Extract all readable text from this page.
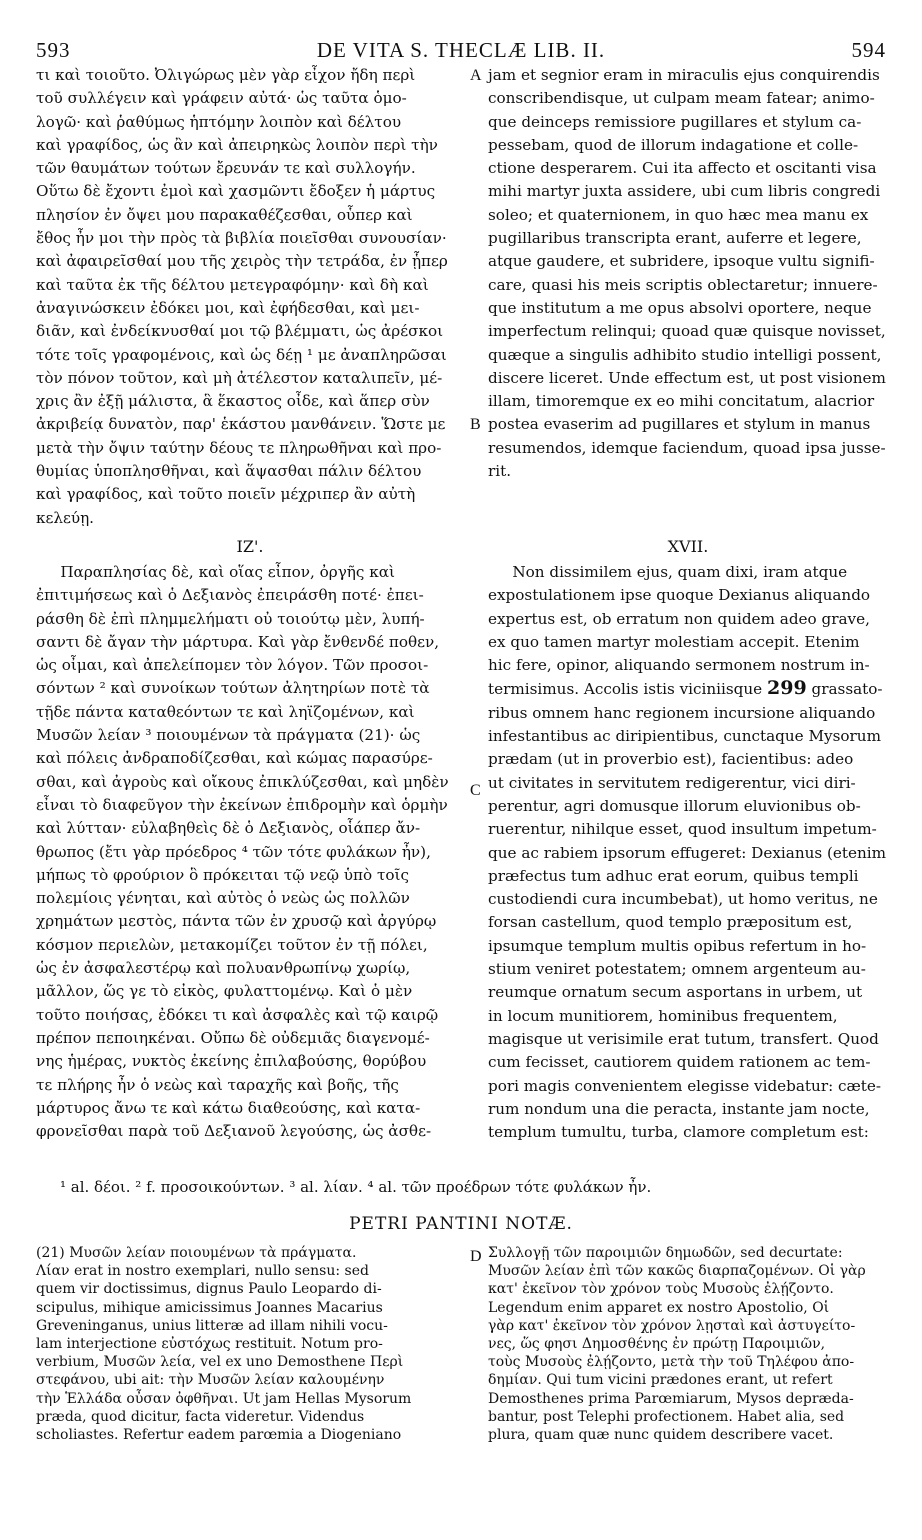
593	DE VITA S. THECLÆ LIB. II.	594
A
B
C
D

τι καὶ τοιοῦτο. Ὀλιγώρως μὲν γὰρ εἶχον ἤδη περὶ

τοῦ συλλέγειν καὶ γράφειν αὐτά· ὡς ταῦτα ὁμο-

λογῶ· καὶ ῥαθύμως ἡπτόμην λοιπὸν καὶ δέλτου

καὶ γραφίδος, ὡς ἂν καὶ ἀπειρηκὼς λοιπὸν περὶ τὴν

τῶν θαυμάτων τούτων ἔρευνάν τε καὶ συλλογήν.

Οὕτω δὲ ἔχοντι ἐμοὶ καὶ χασμῶντι ἔδοξεν ἡ μάρτυς

πλησίον ἐν ὄψει μου παρακαθέζεσθαι, οὗπερ καὶ

ἔθος ἦν μοι τὴν πρὸς τὰ βιβλία ποιεῖσθαι συνουσίαν·

καὶ ἀφαιρεῖσθαί μου τῆς χειρὸς τὴν τετράδα, ἐν ᾗπερ

καὶ ταῦτα ἐκ τῆς δέλτου μετεγραφόμην· καὶ δὴ καὶ

ἀναγινώσκειν ἐδόκει μοι, καὶ ἐφήδεσθαι, καὶ μει-

διᾶν, καὶ ἐνδείκνυσθαί μοι τῷ βλέμματι, ὡς ἀρέσκοι

τότε τοῖς γραφομένοις, καὶ ὡς δέῃ ¹ με ἀναπληρῶσαι

τὸν πόνον τοῦτον, καὶ μὴ ἀτέλεστον καταλιπεῖν, μέ-

χρις ἂν ἐξῇ μάλιστα, ἃ ἕκαστος οἶδε, καὶ ἅπερ σὺν

ἀκριβείᾳ δυνατὸν, παρ' ἑκάστου μανθάνειν. Ὥστε με

μετὰ τὴν ὄψιν ταύτην δέους τε πληρωθῆναι καὶ προ-

θυμίας ὑποπλησθῆναι, καὶ ἅψασθαι πάλιν δέλτου

καὶ γραφίδος, καὶ τοῦτο ποιεῖν μέχριπερ ἂν αὐτὴ

κελεύῃ.

jam et segnior eram in miraculis ejus conquirendis

conscribendisque, ut culpam meam fatear; animo-

que deinceps remissiore pugillares et stylum ca-

pessebam, quod de illorum indagatione et colle-

ctione desperarem. Cui ita affecto et oscitanti visa

mihi martyr juxta assidere, ubi cum libris congredi

soleo; et quaternionem, in quo hæc mea manu ex

pugillaribus transcripta erant, auferre et legere,

atque gaudere, et subridere, ipsoque vultu signifi-

care, quasi his meis scriptis oblectaretur; innuere-

que institutum a me opus absolvi oportere, neque

imperfectum relinqui; quoad quæ quisque novisset,

quæque a singulis adhibito studio intelligi possent,

discere liceret. Unde effectum est, ut post visionem

illam, timoremque ex eo mihi concitatum, alacrior

postea evaserim ad pugillares et stylum in manus

resumendos, idemque faciendum, quoad ipsa jusse-

rit.

ΙΖ'.

Παραπλησίας δὲ, καὶ οἵας εἶπον, ὀργῆς καὶ

ἐπιτιμήσεως καὶ ὁ Δεξιανὸς ἐπειράσθη ποτέ· ἐπει-

ράσθη δὲ ἐπὶ πλημμελήματι οὐ τοιούτῳ μὲν, λυπή-

σαντι δὲ ἄγαν τὴν μάρτυρα. Καὶ γὰρ ἔνθενδέ ποθεν,

ὡς οἶμαι, καὶ ἀπελείπομεν τὸν λόγον. Τῶν προσοι-

σόντων ² καὶ συνοίκων τούτων ἀλητηρίων ποτὲ τὰ

τῇδε πάντα καταθεόντων τε καὶ ληϊζομένων, καὶ

Μυσῶν λείαν ³ ποιουμένων τὰ πράγματα (21)· ὡς

καὶ πόλεις ἀνδραποδίζεσθαι, καὶ κώμας παρασύρε-

σθαι, καὶ ἀγροὺς καὶ οἴκους ἐπικλύζεσθαι, καὶ μηδὲν

εἶναι τὸ διαφεῦγον τὴν ἐκείνων ἐπιδρομὴν καὶ ὁρμὴν

καὶ λύτταν· εὐλαβηθεὶς δὲ ὁ Δεξιανὸς, οἷάπερ ἄν-

θρωπος (ἔτι γὰρ πρόεδρος ⁴ τῶν τότε φυλάκων ἦν),

μήπως τὸ φρούριον ὃ πρόκειται τῷ νεῷ ὑπὸ τοῖς

πολεμίοις γένηται, καὶ αὐτὸς ὁ νεὼς ὡς πολλῶν

χρημάτων μεστὸς, πάντα τῶν ἐν χρυσῷ καὶ ἀργύρῳ

κόσμον περιελὼν, μετακομίζει τοῦτον ἐν τῇ πόλει,

ὡς ἐν ἀσφαλεστέρῳ καὶ πολυανθρωπίνῳ χωρίῳ,

μᾶλλον, ὥς γε τὸ εἰκὸς, φυλαττομένῳ. Καὶ ὁ μὲν

τοῦτο ποιήσας, ἐδόκει τι καὶ ἀσφαλὲς καὶ τῷ καιρῷ

πρέπον πεποιηκέναι. Οὔπω δὲ οὐδεμιᾶς διαγενομέ-

νης ἡμέρας, νυκτὸς ἐκείνης ἐπιλαβούσης, θορύβου

τε πλήρης ἦν ὁ νεὼς καὶ ταραχῆς καὶ βοῆς, τῆς

μάρτυρος ἄνω τε καὶ κάτω διαθεούσης, καὶ κατα-

φρονεῖσθαι παρὰ τοῦ Δεξιανοῦ λεγούσης, ὡς ἀσθε-

XVII.

Non dissimilem ejus, quam dixi, iram atque

expostulationem ipse quoque Dexianus aliquando

expertus est, ob erratum non quidem adeo grave,

ex quo tamen martyr molestiam accepit. Etenim

hic fere, opinor, aliquando sermonem nostrum in-

termisimus. Accolis istis viciniisque 299 grassato-

ribus omnem hanc regionem incursione aliquando

infestantibus ac diripientibus, cunctaque Mysorum

prædam (ut in proverbio est), facientibus: adeo

ut civitates in servitutem redigerentur, vici diri-

perentur, agri domusque illorum eluvionibus ob-

ruerentur, nihilque esset, quod insultum impetum-

que ac rabiem ipsorum effugeret: Dexianus (etenim

præfectus tum adhuc erat eorum, quibus templi

custodiendi cura incumbebat), ut homo veritus, ne

forsan castellum, quod templo præpositum est,

ipsumque templum multis opibus refertum in ho-

stium veniret potestatem; omnem argenteum au-

reumque ornatum secum asportans in urbem, ut

in locum munitiorem, hominibus frequentem,

magisque ut verisimile erat tutum, transfert. Quod

cum fecisset, cautiorem quidem rationem ac tem-

pori magis convenientem elegisse videbatur: cæte-

rum nondum una die peracta, instante jam nocte,

templum tumultu, turba, clamore completum est:

¹ al. δέοι. ² f. προσοικούντων. ³ al. λίαν. ⁴ al. τῶν προέδρων τότε φυλάκων ἦν.
PETRI PANTINI NOTÆ.

(21) Μυσῶν λείαν ποιουμένων τὰ πράγματα.

Λίαν erat in nostro exemplari, nullo sensu: sed

quem vir doctissimus, dignus Paulo Leopardo di-

scipulus, mihique amicissimus Joannes Macarius

Greveninganus, unius litteræ ad illam nihili vocu-

lam interjectione εὐστόχως restituit. Notum pro-

verbium, Μυσῶν λεία, vel ex uno Demosthene Περὶ

στεφάνου, ubi ait: τὴν Μυσῶν λείαν καλουμένην

τὴν Ἑλλάδα οὖσαν ὀφθῆναι. Ut jam Hellas Mysorum

præda, quod dicitur, facta videretur. Videndus

scholiastes. Refertur eadem parœmia a Diogeniano

Συλλογῇ τῶν παροιμιῶν δημωδῶν, sed decurtate:

Μυσῶν λείαν ἐπὶ τῶν κακῶς διαρπαζομένων. Οἱ γὰρ

κατ' ἐκεῖνον τὸν χρόνον τοὺς Μυσοὺς ἐλῄζοντο.

Legendum enim apparet ex nostro Apostolio, Οἱ

γὰρ κατ' ἐκεῖνον τὸν χρόνον λῃσταὶ καὶ ἀστυγείτο-

νες, ὥς φησι Δημοσθένης ἐν πρώτῃ Παροιμιῶν,

τοὺς Μυσοὺς ἐλῄζοντο, μετὰ τὴν τοῦ Τηλέφου ἀπο-

δημίαν. Qui tum vicini prædones erant, ut refert

Demosthenes prima Parœmiarum, Mysos depræda-

bantur, post Telephi profectionem. Habet alia, sed

plura, quam quæ nunc quidem describere vacet.
